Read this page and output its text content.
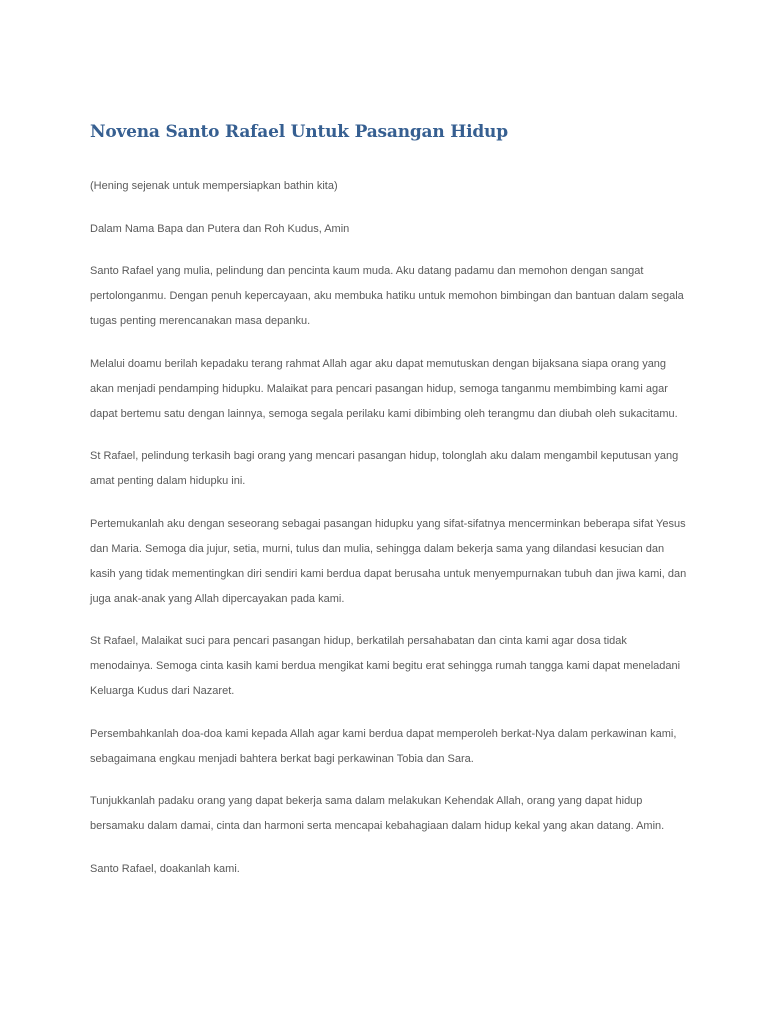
Novena Santo Rafael Untuk Pasangan Hidup

(Hening sejenak untuk mempersiapkan bathin kita)

Dalam Nama Bapa dan Putera dan Roh Kudus, Amin

Santo Rafael yang mulia, pelindung dan pencinta kaum muda. Aku datang padamu dan memohon dengan sangat pertolonganmu. Dengan penuh kepercayaan, aku membuka hatiku untuk memohon bimbingan dan bantuan dalam segala tugas penting merencanakan masa depanku.

Melalui doamu berilah kepadaku terang rahmat Allah agar aku dapat memutuskan dengan bijaksana siapa orang yang akan menjadi pendamping hidupku. Malaikat para pencari pasangan hidup, semoga tanganmu membimbing kami agar dapat bertemu satu dengan lainnya, semoga segala perilaku kami dibimbing oleh terangmu dan diubah oleh sukacitamu.

St Rafael, pelindung terkasih bagi orang yang mencari pasangan hidup, tolonglah aku dalam mengambil keputusan yang amat penting dalam hidupku ini.

Pertemukanlah aku dengan seseorang sebagai pasangan hidupku yang sifat-sifatnya mencerminkan beberapa sifat Yesus dan Maria. Semoga dia jujur, setia, murni, tulus dan mulia, sehingga dalam bekerja sama yang dilandasi kesucian dan kasih yang tidak mementingkan diri sendiri kami berdua dapat berusaha untuk menyempurnakan tubuh dan jiwa kami, dan juga anak-anak yang Allah dipercayakan pada kami.

St Rafael, Malaikat suci para pencari pasangan hidup, berkatilah persahabatan dan cinta kami agar dosa tidak menodainya. Semoga cinta kasih kami berdua mengikat kami begitu erat sehingga rumah tangga kami dapat meneladani Keluarga Kudus dari Nazaret.

Persembahkanlah doa-doa kami kepada Allah agar kami berdua dapat memperoleh berkat-Nya dalam perkawinan kami, sebagaimana engkau menjadi bahtera berkat bagi perkawinan Tobia dan Sara.

Tunjukkanlah padaku orang yang dapat bekerja sama dalam melakukan Kehendak Allah, orang yang dapat hidup bersamaku dalam damai, cinta dan harmoni serta mencapai kebahagiaan dalam hidup kekal yang akan datang. Amin.

Santo Rafael, doakanlah kami.
